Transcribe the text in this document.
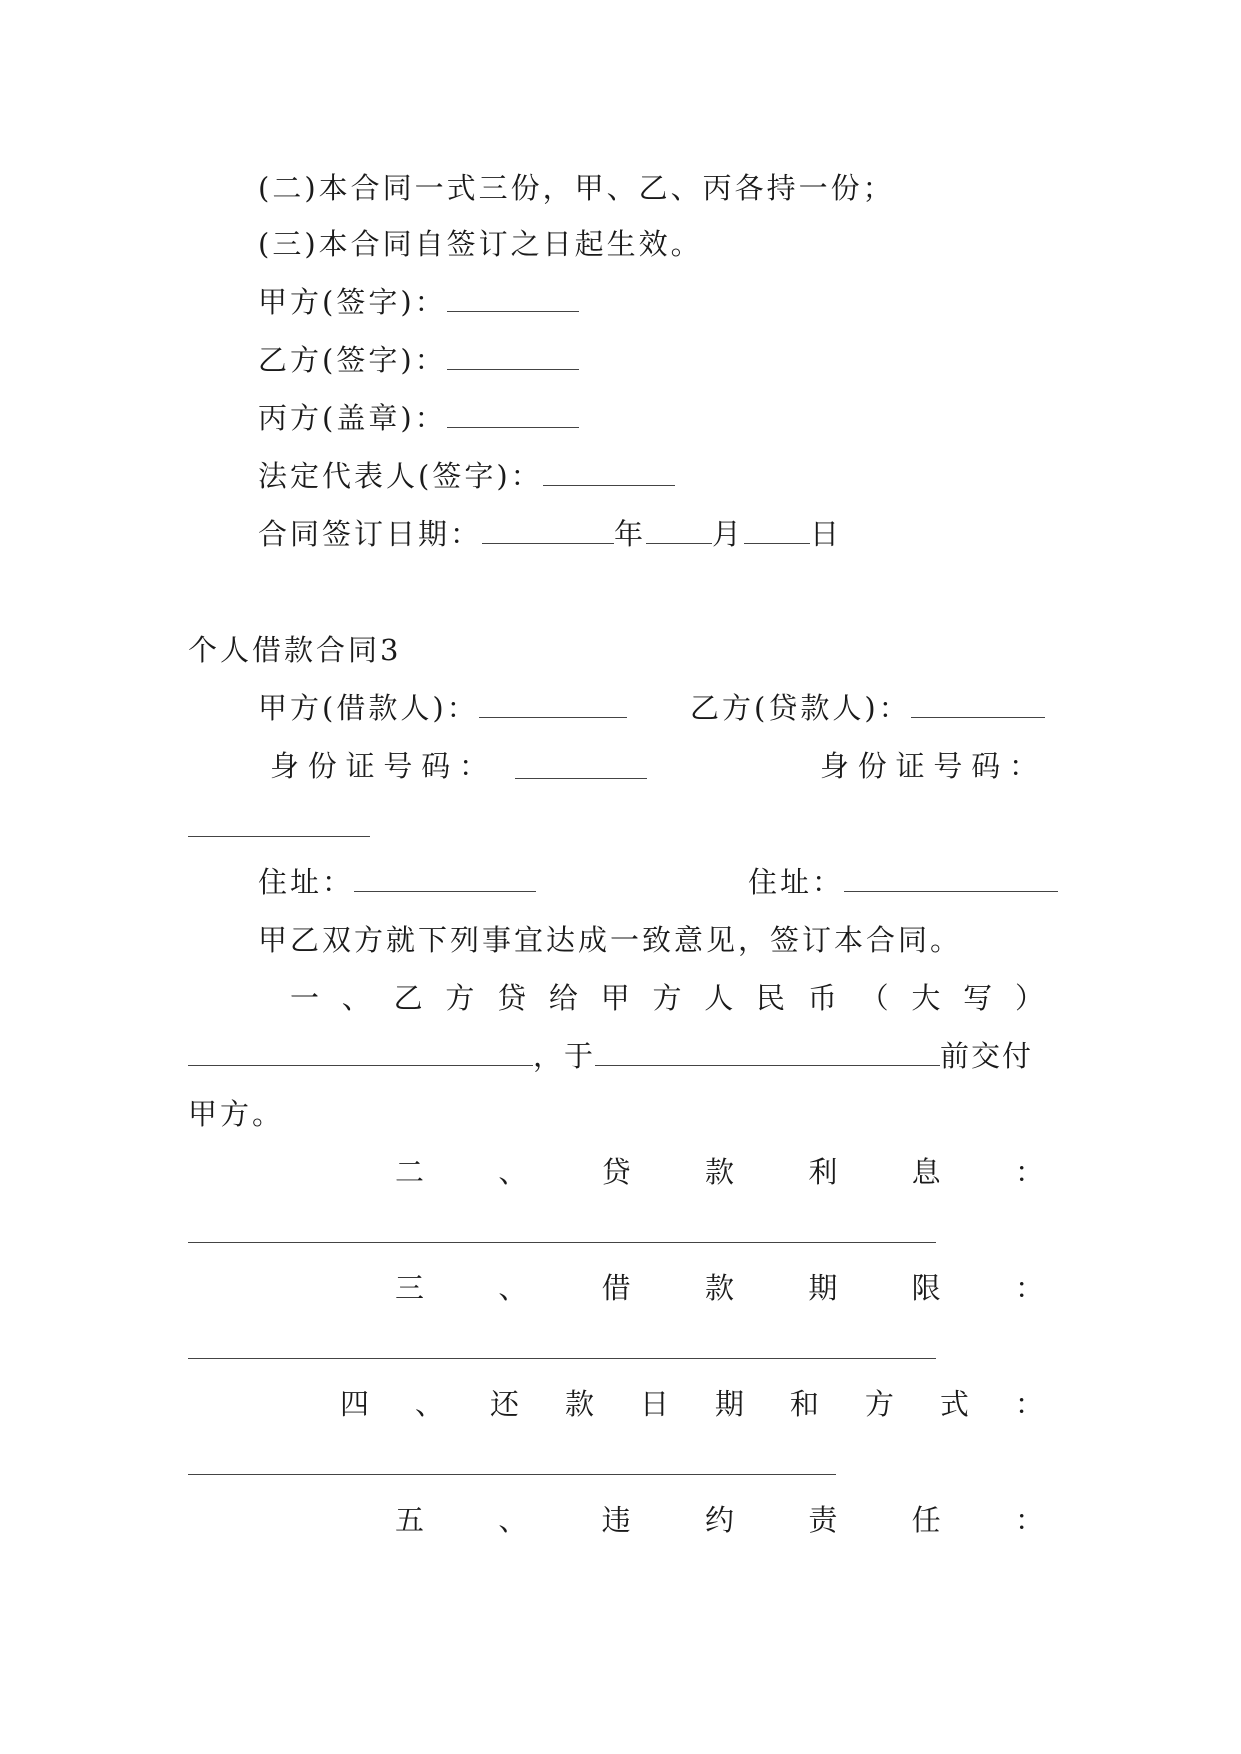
(二)本合同一式三份，甲、乙、丙各持一份；
(三)本合同自签订之日起生效。
甲方(签字)：
乙方(签字)：
丙方(盖章)：
法定代表人(签字)：
合同签订日期：	年 月 日
个人借款合同3
甲方(借款人)：	乙方(贷款人)：
身 份 证 号 码 ：	身 份 证 号 码 ：
住址：	住址：
甲乙双方就下列事宜达成一致意见，签订本合同。
一 、 乙 方 贷 给 甲 方 人 民 币 （ 大 写 ）
，于	前交付
甲方。
二	、	贷	款	利	息	：
三	、	借	款	期	限	：
四 、 还 款 日 期 和 方 式 ：
五	、	违	约	责	任	：
